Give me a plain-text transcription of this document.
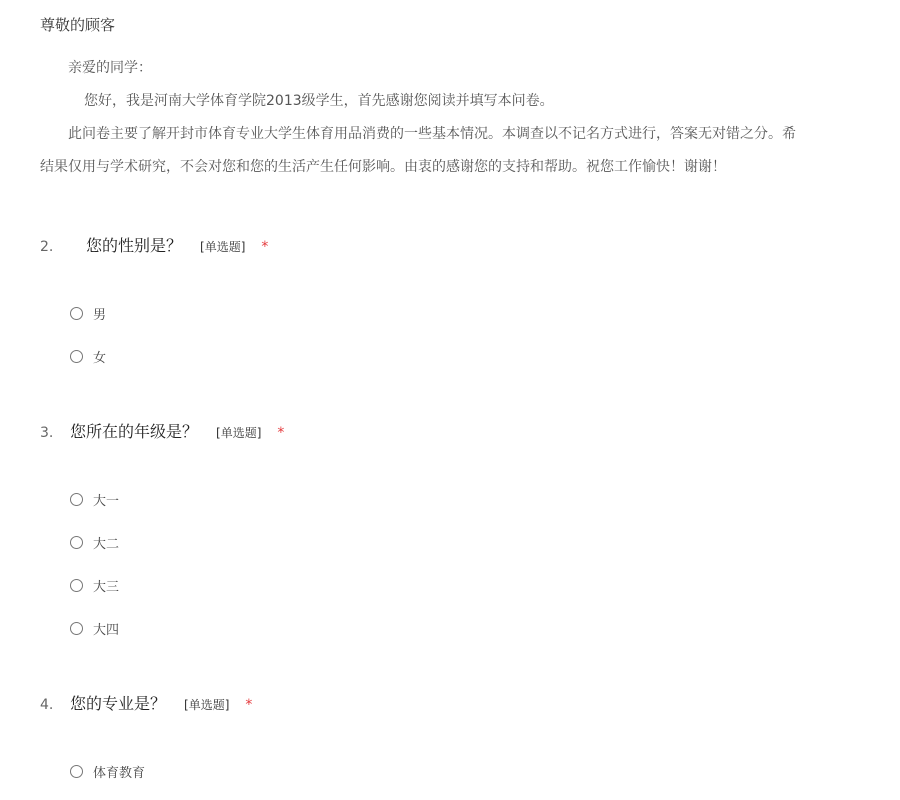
尊敬的顾客

亲爱的同学：

您好，我是河南大学体育学院2013级学生，首先感谢您阅读并填写本问卷。

此问卷主要了解开封市体育专业大学生体育用品消费的一些基本情况。本调查以不记名方式进行，答案无对错之分。希

结果仅用与学术研究，不会对您和您的生活产生任何影响。由衷的感谢您的支持和帮助。祝您工作愉快！谢谢！

2.	您的性别是？ [单选题] *
男
女
3.	您所在的年级是？ [单选题] *
大一
大二
大三
大四
4.	您的专业是？ [单选题] *
体育教育
